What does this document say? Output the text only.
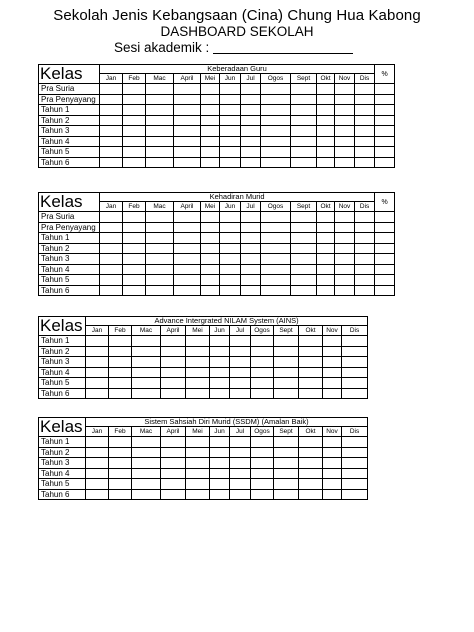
Sekolah Jenis Kebangsaan (Cina) Chung Hua Kabong
DASHBOARD SEKOLAH
Sesi akademik :
Kelas	Keberadaan Guru												%
	Jan	Feb	Mac	April	Mei	Jun	Jul	Ogos	Sept	Okt	Nov	Dis	
Pra Suria													
Pra Penyayang													
Tahun 1													
Tahun 2													
Tahun 3													
Tahun 4													
Tahun 5													
Tahun 6													
Kelas	Kehadiran Murid												%
	Jan	Feb	Mac	April	Mei	Jun	Jul	Ogos	Sept	Okt	Nov	Dis	
Pra Suria													
Pra Penyayang													
Tahun 1													
Tahun 2													
Tahun 3													
Tahun 4													
Tahun 5													
Tahun 6													
Kelas	Advance Intergrated NILAM System (AINS)											
	Jan	Feb	Mac	April	Mei	Jun	Jul	Ogos	Sept	Okt	Nov	Dis
Tahun 1												
Tahun 2												
Tahun 3												
Tahun 4												
Tahun 5												
Tahun 6												
Kelas	Sistem Sahsiah Diri Murid (SSDM) (Amalan Baik)											
	Jan	Feb	Mac	April	Mei	Jun	Jul	Ogos	Sept	Okt	Nov	Dis
Tahun 1												
Tahun 2												
Tahun 3												
Tahun 4												
Tahun 5												
Tahun 6												
